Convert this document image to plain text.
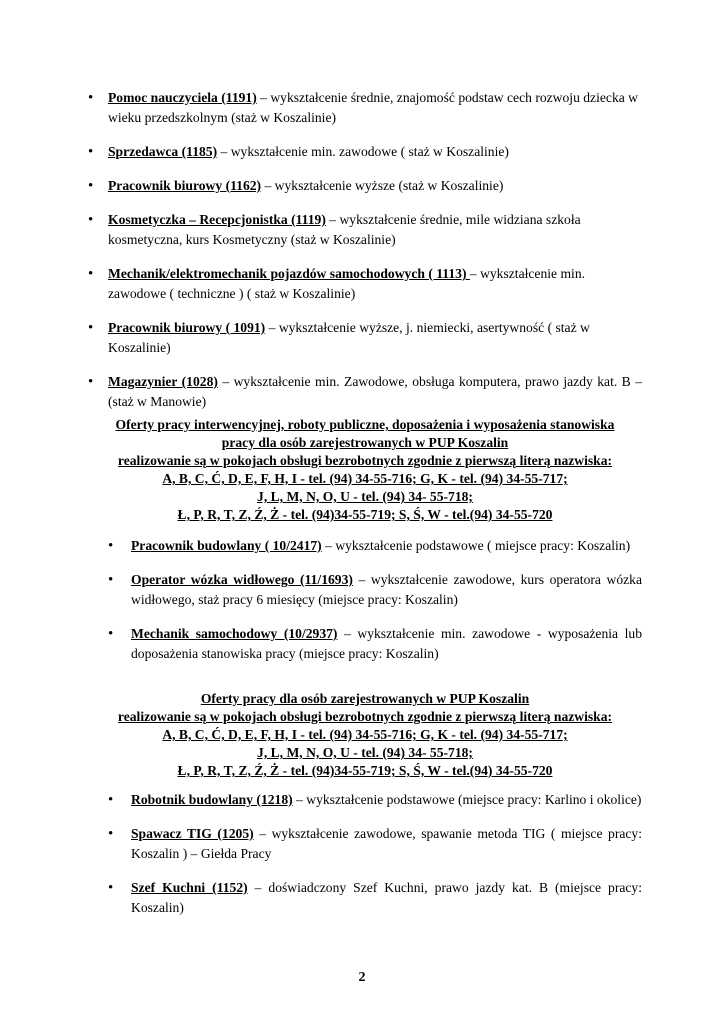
• Pomoc nauczyciela (1191) – wykształcenie średnie, znajomość podstaw cech rozwoju dziecka w wieku przedszkolnym (staż w Koszalinie)
• Sprzedawca (1185) – wykształcenie min. zawodowe ( staż w Koszalinie)
• Pracownik biurowy (1162) – wykształcenie wyższe (staż w Koszalinie)
• Kosmetyczka – Recepcjonistka (1119) – wykształcenie średnie, mile widziana szkoła kosmetyczna, kurs Kosmetyczny (staż w Koszalinie)
• Mechanik/elektromechanik pojazdów samochodowych ( 1113) – wykształcenie min. zawodowe ( techniczne ) ( staż w Koszalinie)
• Pracownik biurowy ( 1091) – wykształcenie wyższe, j. niemiecki, asertywność ( staż w Koszalinie)
• Magazynier (1028) – wykształcenie min. Zawodowe, obsługa komputera, prawo jazdy kat. B – (staż w Manowie)
Oferty pracy interwencyjnej, roboty publiczne, doposażenia i wyposażenia stanowiska
pracy dla osób zarejestrowanych w PUP Koszalin
realizowanie są w pokojach obsługi bezrobotnych zgodnie z pierwszą literą nazwiska:
A, B, C, Ć, D, E, F, H, I - tel. (94) 34-55-716; G, K - tel. (94) 34-55-717;
J, L, M, N, O, U - tel. (94) 34- 55-718;
Ł, P, R, T, Z, Ź, Ż - tel. (94)34-55-719; S, Ś, W - tel.(94) 34-55-720
• Pracownik budowlany ( 10/2417) – wykształcenie podstawowe ( miejsce pracy: Koszalin)
• Operator wózka widłowego (11/1693) – wykształcenie zawodowe, kurs operatora wózka widłowego, staż pracy 6 miesięcy (miejsce pracy: Koszalin)
• Mechanik samochodowy (10/2937) – wykształcenie min. zawodowe - wyposażenia lub doposażenia stanowiska pracy (miejsce pracy: Koszalin)
Oferty pracy dla osób zarejestrowanych w PUP Koszalin
realizowanie są w pokojach obsługi bezrobotnych zgodnie z pierwszą literą nazwiska:
A, B, C, Ć, D, E, F, H, I - tel. (94) 34-55-716; G, K - tel. (94) 34-55-717;
J, L, M, N, O, U - tel. (94) 34- 55-718;
Ł, P, R, T, Z, Ź, Ż - tel. (94)34-55-719; S, Ś, W - tel.(94) 34-55-720
• Robotnik budowlany (1218) – wykształcenie podstawowe (miejsce pracy: Karlino i okolice)
• Spawacz TIG (1205) – wykształcenie zawodowe, spawanie metoda TIG ( miejsce pracy: Koszalin ) – Giełda Pracy
• Szef Kuchni (1152) – doświadczony Szef Kuchni, prawo jazdy kat. B (miejsce pracy: Koszalin)
2
